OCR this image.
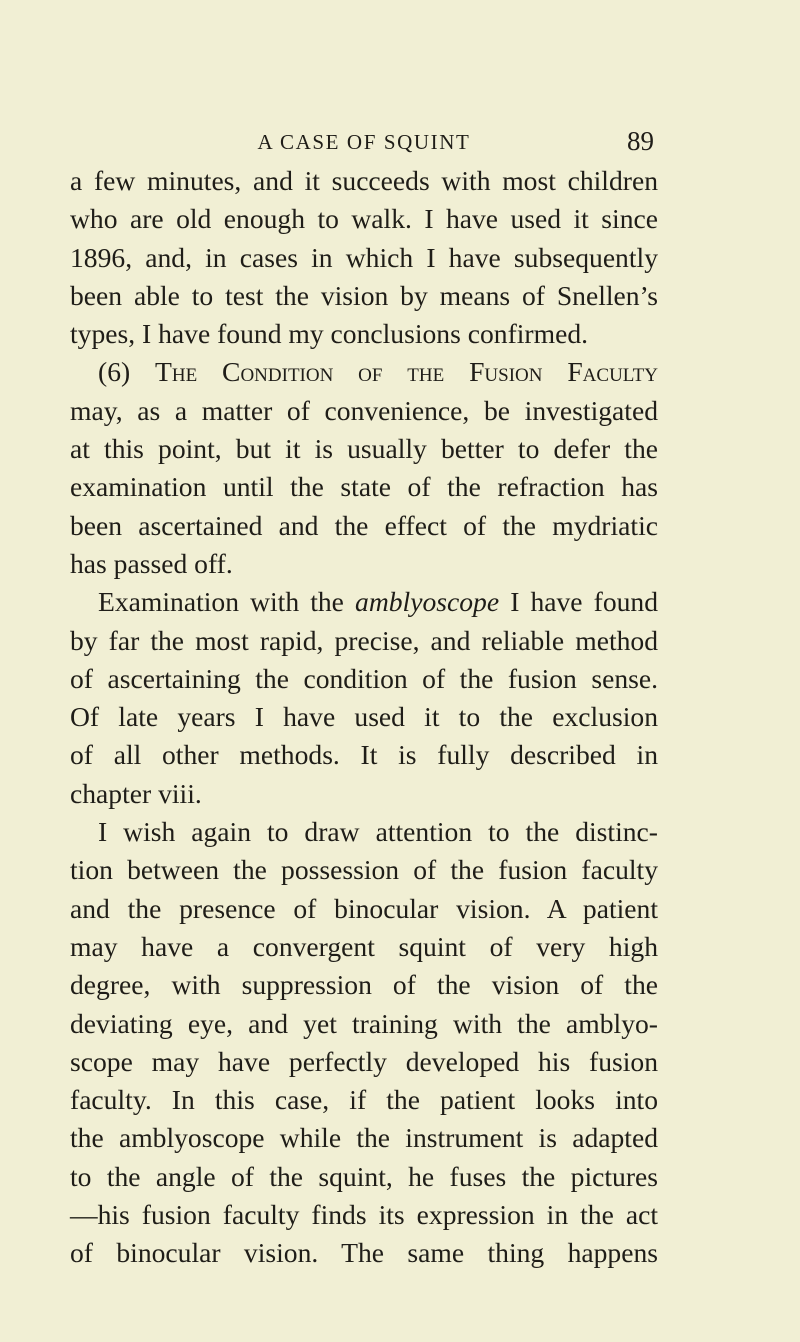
A CASE OF SQUINT	89
a few minutes, and it succeeds with most children
who are old enough to walk. I have used it since
1896, and, in cases in which I have subsequently
been able to test the vision by means of Snellen’s
types, I have found my conclusions confirmed.
(6) The Condition of the Fusion Faculty
may, as a matter of convenience, be investigated
at this point, but it is usually better to defer the
examination until the state of the refraction has
been ascertained and the effect of the mydriatic
has passed off.
Examination with the amblyoscope I have found
by far the most rapid, precise, and reliable method
of ascertaining the condition of the fusion sense.
Of late years I have used it to the exclusion
of all other methods. It is fully described in
chapter viii.
I wish again to draw attention to the distinc-
tion between the possession of the fusion faculty
and the presence of binocular vision. A patient
may have a convergent squint of very high
degree, with suppression of the vision of the
deviating eye, and yet training with the amblyo-
scope may have perfectly developed his fusion
faculty. In this case, if the patient looks into
the amblyoscope while the instrument is adapted
to the angle of the squint, he fuses the pictures
—his fusion faculty finds its expression in the act
of binocular vision. The same thing happens
